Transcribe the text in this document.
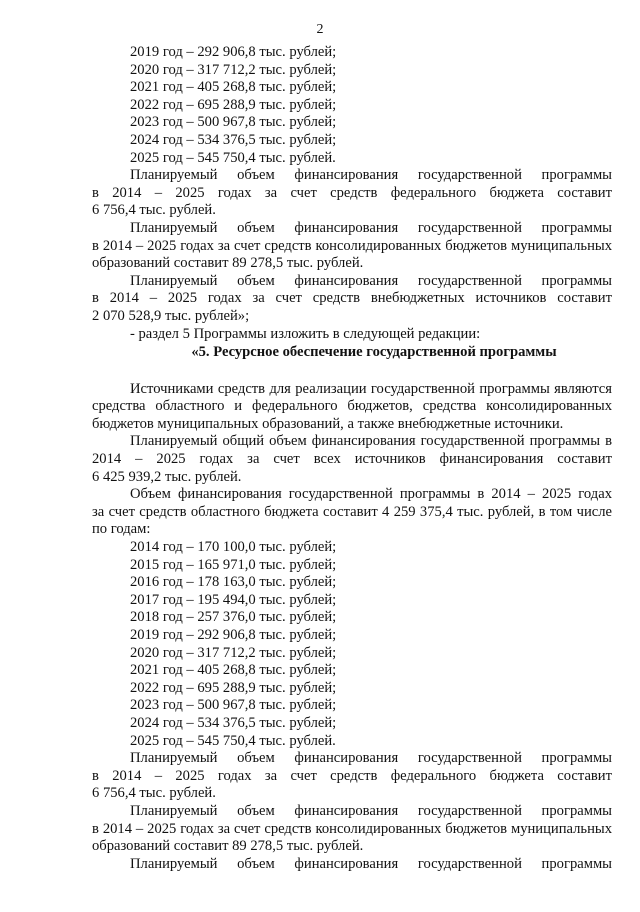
2

2019 год – 292 906,8 тыс. рублей;

2020 год – 317 712,2 тыс. рублей;

2021 год – 405 268,8 тыс. рублей;

2022 год – 695 288,9 тыс. рублей;

2023 год – 500 967,8 тыс. рублей;

2024 год – 534 376,5 тыс. рублей;

2025 год – 545 750,4 тыс. рублей.

Планируемый объем финансирования государственной программы

в 2014 – 2025 годах за счет средств федерального бюджета составит

6 756,4 тыс. рублей.

Планируемый объем финансирования государственной программы

в 2014 – 2025 годах за счет средств консолидированных бюджетов муниципальных

образований составит 89 278,5 тыс. рублей.

Планируемый объем финансирования государственной программы

в 2014 – 2025 годах за счет средств внебюджетных источников составит

2 070 528,9 тыс. рублей»;

- раздел 5 Программы изложить в следующей редакции:

«5. Ресурсное обеспечение государственной программы

Источниками средств для реализации государственной программы являются

средства областного и федерального бюджетов, средства консолидированных

бюджетов муниципальных образований, а также внебюджетные источники.

Планируемый общий объем финансирования государственной программы в

2014 – 2025 годах за счет всех источников финансирования составит

6 425 939,2 тыс. рублей.

Объем финансирования государственной программы в 2014 – 2025 годах

за счет средств областного бюджета составит 4 259 375,4 тыс. рублей, в том числе

по годам:

2014 год – 170 100,0 тыс. рублей;

2015 год – 165 971,0 тыс. рублей;

2016 год – 178 163,0 тыс. рублей;

2017 год – 195 494,0 тыс. рублей;

2018 год – 257 376,0 тыс. рублей;

2019 год – 292 906,8 тыс. рублей;

2020 год – 317 712,2 тыс. рублей;

2021 год – 405 268,8 тыс. рублей;

2022 год – 695 288,9 тыс. рублей;

2023 год – 500 967,8 тыс. рублей;

2024 год – 534 376,5 тыс. рублей;

2025 год – 545 750,4 тыс. рублей.

Планируемый объем финансирования государственной программы

в 2014 – 2025 годах за счет средств федерального бюджета составит

6 756,4 тыс. рублей.

Планируемый объем финансирования государственной программы

в 2014 – 2025 годах за счет средств консолидированных бюджетов муниципальных

образований составит 89 278,5 тыс. рублей.

Планируемый объем финансирования государственной программы
